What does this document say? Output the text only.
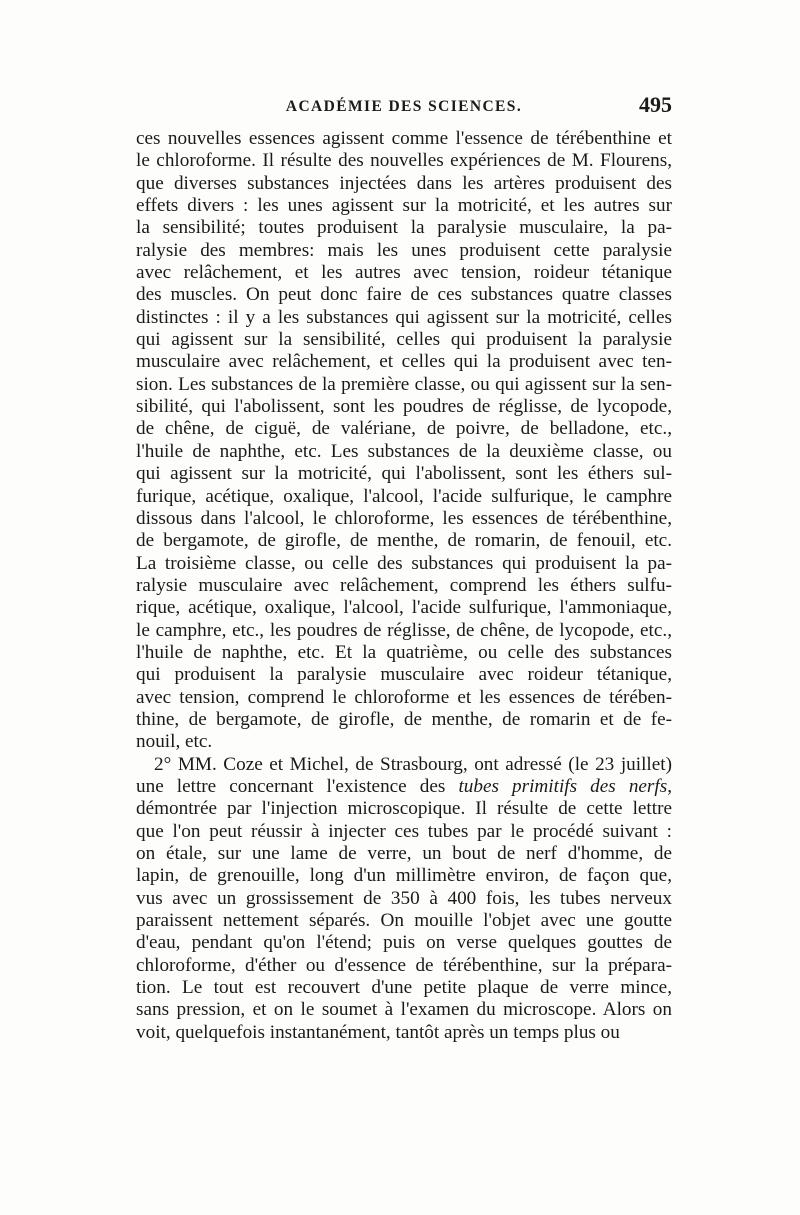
ACADÉMIE DES SCIENCES.	495
ces nouvelles essences agissent comme l'essence de térébenthine et
le chloroforme. Il résulte des nouvelles expériences de M. Flourens,
que diverses substances injectées dans les artères produisent des
effets divers : les unes agissent sur la motricité, et les autres sur
la sensibilité; toutes produisent la paralysie musculaire, la pa-
ralysie des membres: mais les unes produisent cette paralysie
avec relâchement, et les autres avec tension, roideur tétanique
des muscles. On peut donc faire de ces substances quatre classes
distinctes : il y a les substances qui agissent sur la motricité, celles
qui agissent sur la sensibilité, celles qui produisent la paralysie
musculaire avec relâchement, et celles qui la produisent avec ten-
sion. Les substances de la première classe, ou qui agissent sur la sen-
sibilité, qui l'abolissent, sont les poudres de réglisse, de lycopode,
de chêne, de ciguë, de valériane, de poivre, de belladone, etc.,
l'huile de naphthe, etc. Les substances de la deuxième classe, ou
qui agissent sur la motricité, qui l'abolissent, sont les éthers sul-
furique, acétique, oxalique, l'alcool, l'acide sulfurique, le camphre
dissous dans l'alcool, le chloroforme, les essences de térébenthine,
de bergamote, de girofle, de menthe, de romarin, de fenouil, etc.
La troisième classe, ou celle des substances qui produisent la pa-
ralysie musculaire avec relâchement, comprend les éthers sulfu-
rique, acétique, oxalique, l'alcool, l'acide sulfurique, l'ammoniaque,
le camphre, etc., les poudres de réglisse, de chêne, de lycopode, etc.,
l'huile de naphthe, etc. Et la quatrième, ou celle des substances
qui produisent la paralysie musculaire avec roideur tétanique,
avec tension, comprend le chloroforme et les essences de térében-
thine, de bergamote, de girofle, de menthe, de romarin et de fe-
nouil, etc.
2° MM. Coze et Michel, de Strasbourg, ont adressé (le 23 juillet)
une lettre concernant l'existence des tubes primitifs des nerfs,
démontrée par l'injection microscopique. Il résulte de cette lettre
que l'on peut réussir à injecter ces tubes par le procédé suivant :
on étale, sur une lame de verre, un bout de nerf d'homme, de
lapin, de grenouille, long d'un millimètre environ, de façon que,
vus avec un grossissement de 350 à 400 fois, les tubes nerveux
paraissent nettement séparés. On mouille l'objet avec une goutte
d'eau, pendant qu'on l'étend; puis on verse quelques gouttes de
chloroforme, d'éther ou d'essence de térébenthine, sur la prépara-
tion. Le tout est recouvert d'une petite plaque de verre mince,
sans pression, et on le soumet à l'examen du microscope. Alors on
voit, quelquefois instantanément, tantôt après un temps plus ou
